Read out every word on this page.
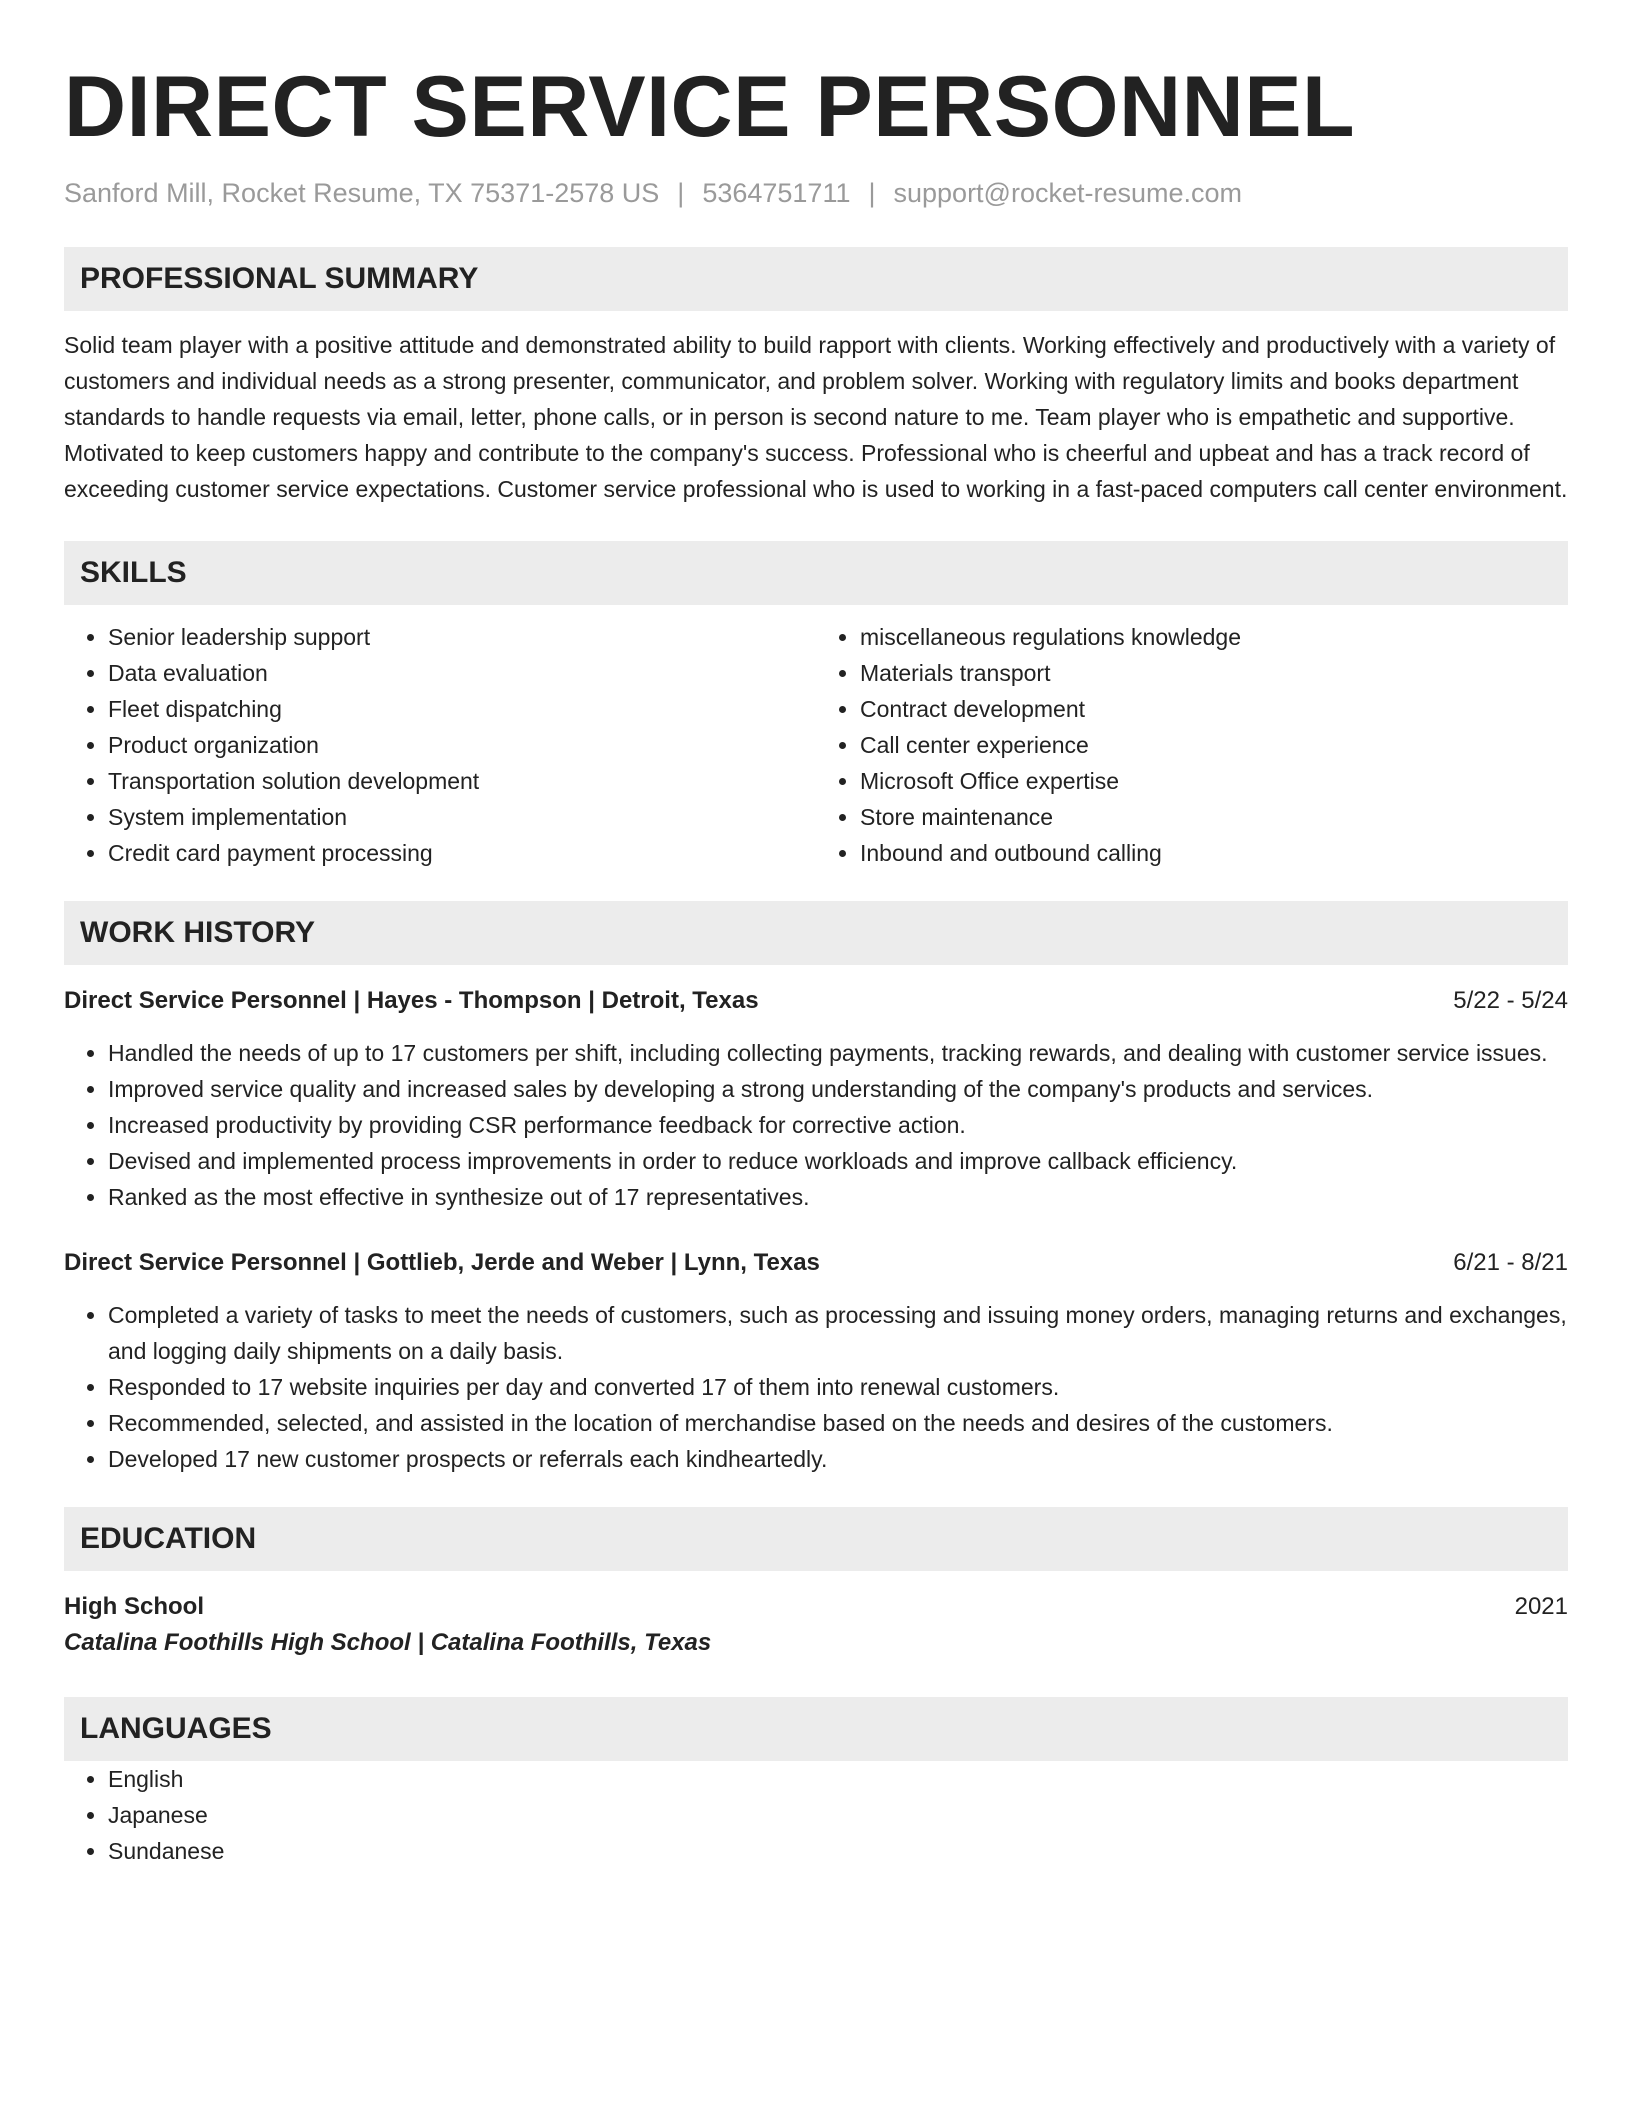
DIRECT SERVICE PERSONNEL
Sanford Mill, Rocket Resume, TX 75371-2578 US | 5364751711 | support@rocket-resume.com
PROFESSIONAL SUMMARY
Solid team player with a positive attitude and demonstrated ability to build rapport with clients. Working effectively and productively with a variety of customers and individual needs as a strong presenter, communicator, and problem solver. Working with regulatory limits and books department standards to handle requests via email, letter, phone calls, or in person is second nature to me. Team player who is empathetic and supportive. Motivated to keep customers happy and contribute to the company's success. Professional who is cheerful and upbeat and has a track record of exceeding customer service expectations. Customer service professional who is used to working in a fast-paced computers call center environment.
SKILLS
• Senior leadership support
• Data evaluation
• Fleet dispatching
• Product organization
• Transportation solution development
• System implementation
• Credit card payment processing
• miscellaneous regulations knowledge
• Materials transport
• Contract development
• Call center experience
• Microsoft Office expertise
• Store maintenance
• Inbound and outbound calling
WORK HISTORY
Direct Service Personnel | Hayes - Thompson | Detroit, Texas	5/22 - 5/24
• Handled the needs of up to 17 customers per shift, including collecting payments, tracking rewards, and dealing with customer service issues.
• Improved service quality and increased sales by developing a strong understanding of the company's products and services.
• Increased productivity by providing CSR performance feedback for corrective action.
• Devised and implemented process improvements in order to reduce workloads and improve callback efficiency.
• Ranked as the most effective in synthesize out of 17 representatives.
Direct Service Personnel | Gottlieb, Jerde and Weber | Lynn, Texas	6/21 - 8/21
• Completed a variety of tasks to meet the needs of customers, such as processing and issuing money orders, managing returns and exchanges, and logging daily shipments on a daily basis.
• Responded to 17 website inquiries per day and converted 17 of them into renewal customers.
• Recommended, selected, and assisted in the location of merchandise based on the needs and desires of the customers.
• Developed 17 new customer prospects or referrals each kindheartedly.
EDUCATION
High School	2021
Catalina Foothills High School | Catalina Foothills, Texas
LANGUAGES
• English
• Japanese
• Sundanese
